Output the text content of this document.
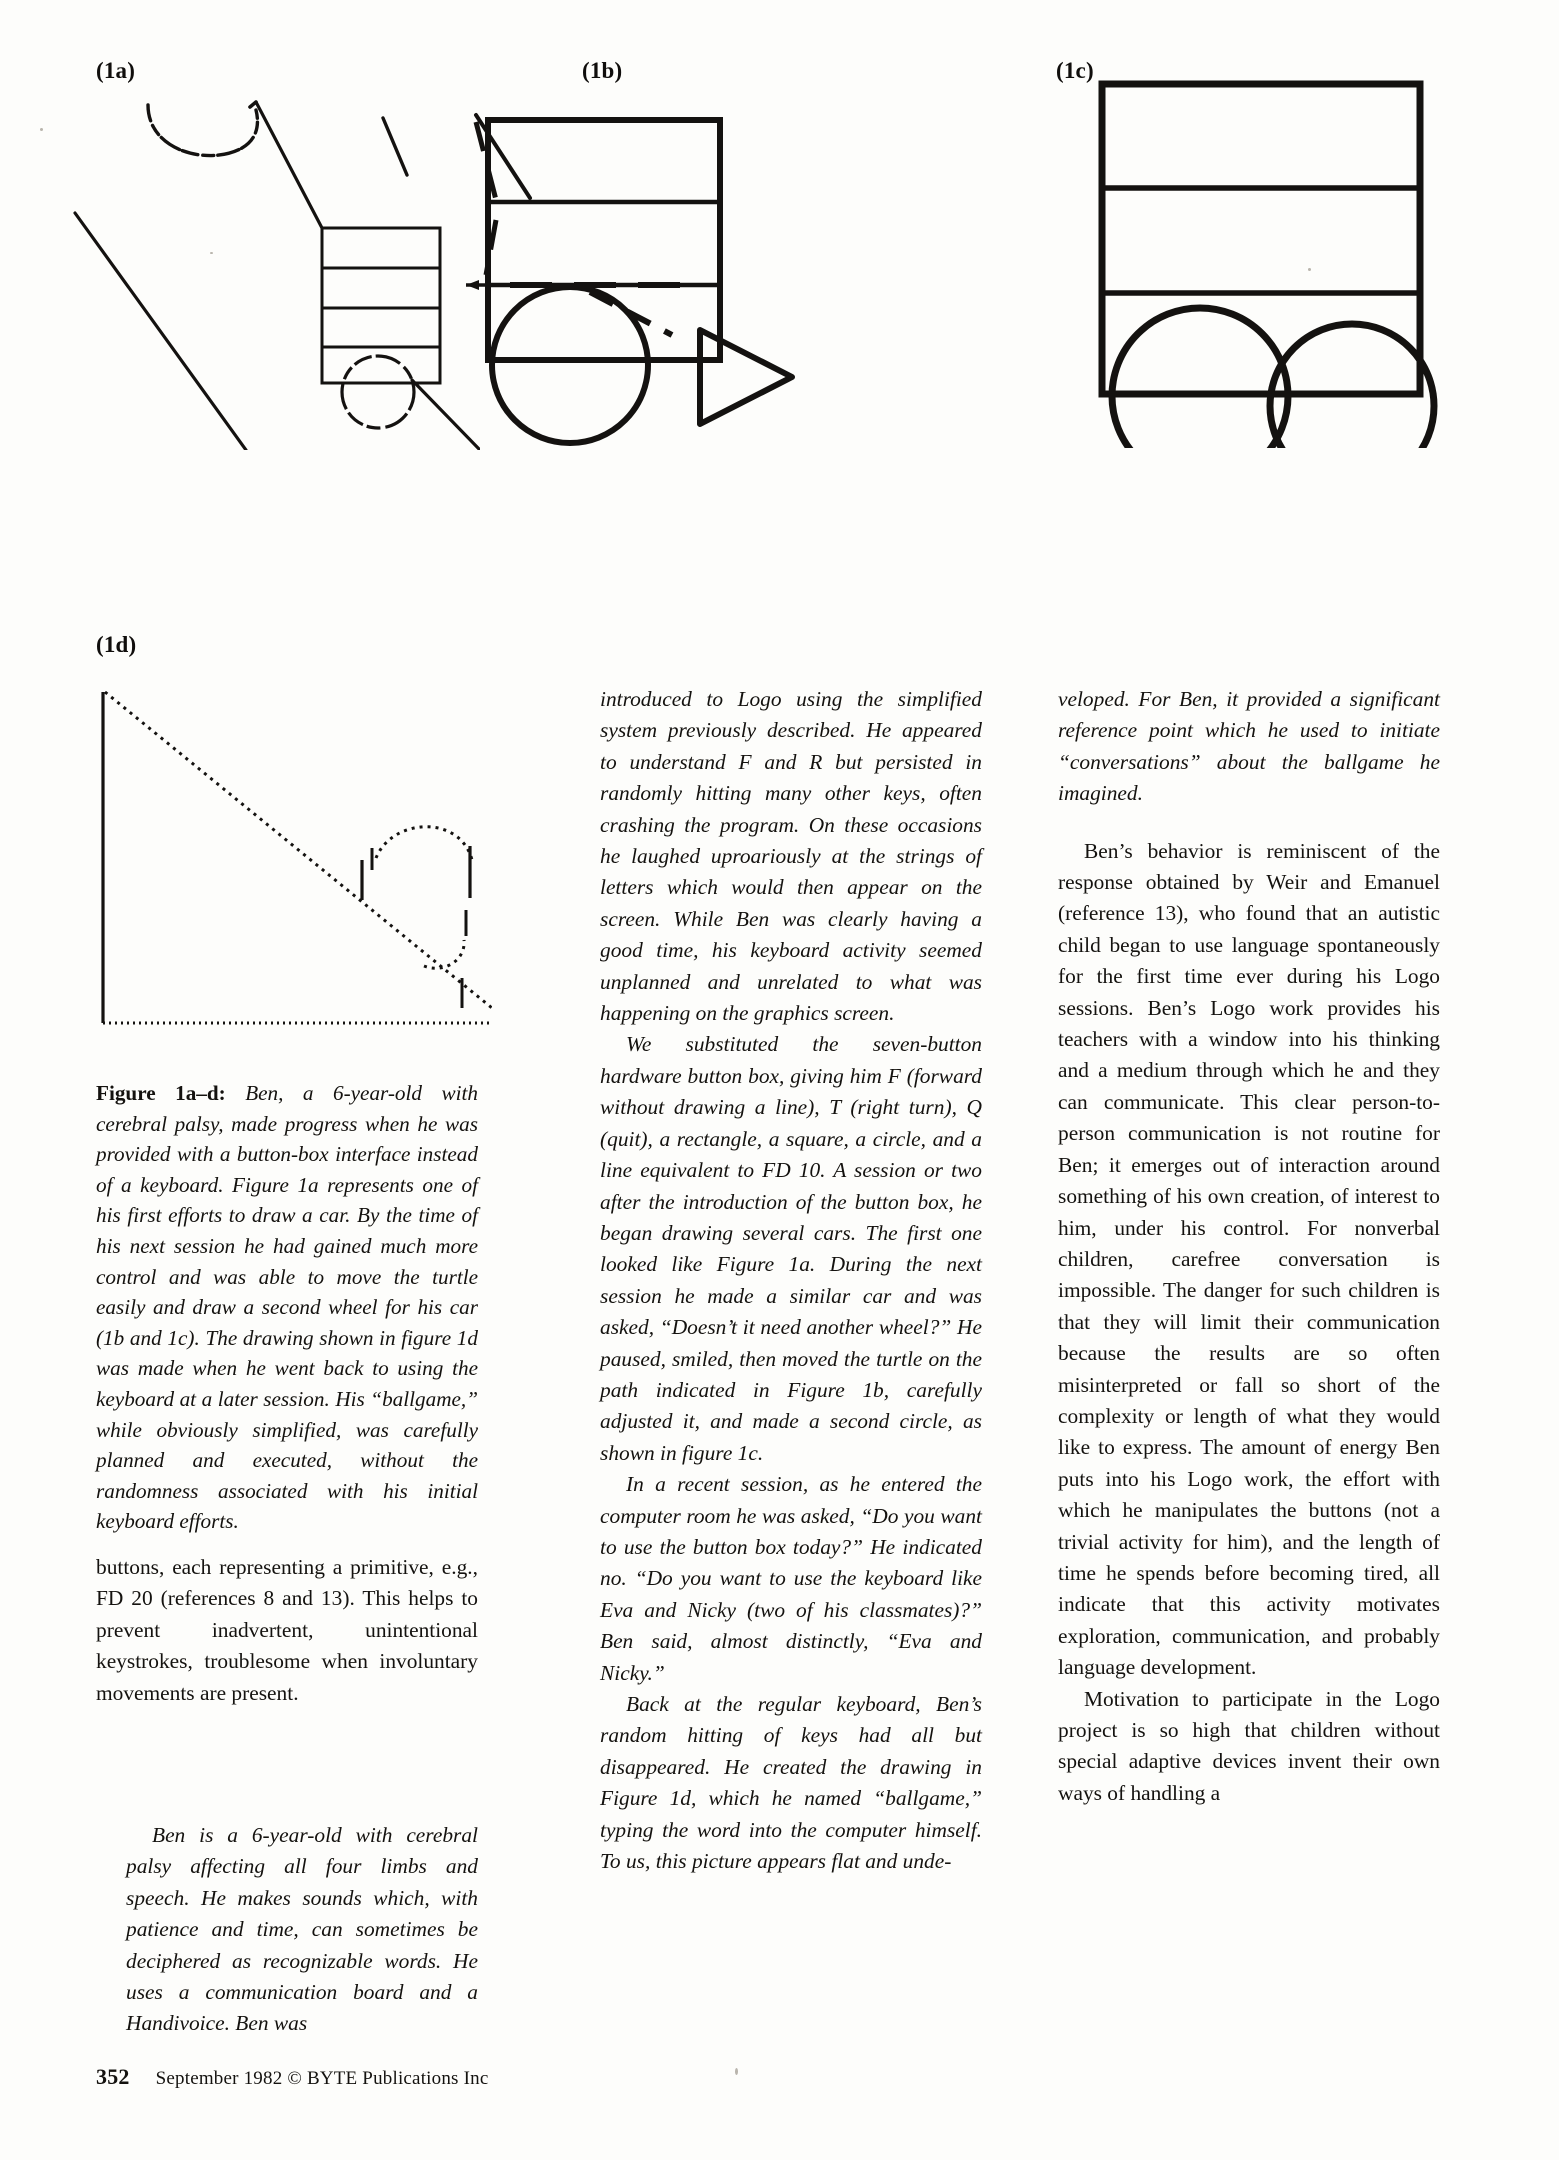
(1a)	(1b)	(1c)
(1d)
Figure 1a–d: Ben, a 6-year-old with cerebral palsy, made progress when he was provided with a button-box interface instead of a keyboard. Figure 1a represents one of his first efforts to draw a car. By the time of his next session he had gained much more control and was able to move the turtle easily and draw a second wheel for his car (1b and 1c). The drawing shown in figure 1d was made when he went back to using the keyboard at a later session. His “ballgame,” while obviously simplified, was carefully planned and executed, without the randomness associated with his initial keyboard efforts.

buttons, each representing a primitive, e.g., FD 20 (references 8 and 13). This helps to prevent inadvertent, unintentional keystrokes, troublesome when involuntary movements are present.

Ben is a 6-year-old with cerebral palsy affecting all four limbs and speech. He makes sounds which, with patience and time, can sometimes be deciphered as recognizable words. He uses a communication board and a Handivoice. Ben was

introduced to Logo using the simplified system previously described. He appeared to understand F and R but persisted in randomly hitting many other keys, often crashing the program. On these occasions he laughed uproariously at the strings of letters which would then appear on the screen. While Ben was clearly having a good time, his keyboard activity seemed unplanned and unrelated to what was happening on the graphics screen.

We substituted the seven-button hardware button box, giving him F (forward without drawing a line), T (right turn), Q (quit), a rectangle, a square, a circle, and a line equivalent to FD 10. A session or two after the introduction of the button box, he began drawing several cars. The first one looked like Figure 1a. During the next session he made a similar car and was asked, “Doesn’t it need another wheel?” He paused, smiled, then moved the turtle on the path indicated in Figure 1b, carefully adjusted it, and made a second circle, as shown in figure 1c.

In a recent session, as he entered the computer room he was asked, “Do you want to use the button box today?” He indicated no. “Do you want to use the keyboard like Eva and Nicky (two of his classmates)?” Ben said, almost distinctly, “Eva and Nicky.”

Back at the regular keyboard, Ben’s random hitting of keys had all but disappeared. He created the drawing in Figure 1d, which he named “ballgame,” typing the word into the computer himself. To us, this picture appears flat and unde-

veloped. For Ben, it provided a significant reference point which he used to initiate “conversations” about the ballgame he imagined.

Ben’s behavior is reminiscent of the response obtained by Weir and Emanuel (reference 13), who found that an autistic child began to use language spontaneously for the first time ever during his Logo sessions. Ben’s Logo work provides his teachers with a window into his thinking and a medium through which he and they can communicate. This clear person-to-person communication is not routine for Ben; it emerges out of interaction around something of his own creation, of interest to him, under his control. For nonverbal children, carefree conversation is impossible. The danger for such children is that they will limit their communication because the results are so often misinterpreted or fall so short of the complexity or length of what they would like to express. The amount of energy Ben puts into his Logo work, the effort with which he manipulates the buttons (not a trivial activity for him), and the length of time he spends before becoming tired, all indicate that this activity motivates exploration, communication, and probably language development.

Motivation to participate in the Logo project is so high that children without special adaptive devices invent their own ways of handling a

352 September 1982 © BYTE Publications Inc
